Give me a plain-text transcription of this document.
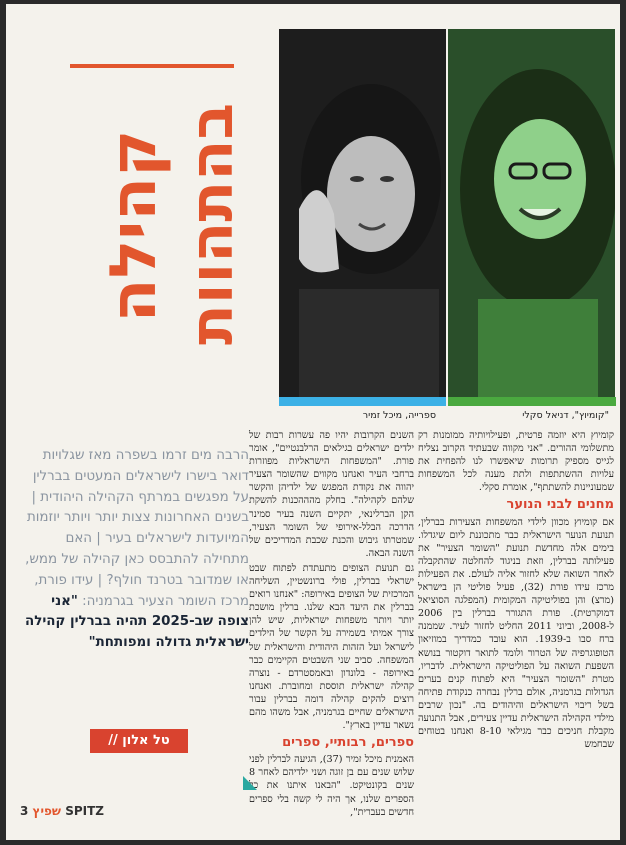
קהילה בהתהוות
ספרייה, מיכל זמיר	"קומיוץ", דניאל סקלי
הרבה מים זרמו בשפרה מאז שגלויות דואר בישרו לישראלים המעטים בברלין על מפגשים במרתף הקהילה היהודית | בשנים האחרונות צצות יותר ויותר יוזמות המיועדות לישראלים בעיר | האם מתחילה להתבסס כאן קהילה של ממש, או שמדובר בטרנד חולף? | עידו פורת, מרכז השומר הצעיר בגרמניה: "אני צופה שב-2025 תהיה בברלין קהילה ישראלית גדולה ומפותחת"
טל אלון //

קומיוץ היא יוזמה פרטית, ופעילויותיה ממומנות רק מתשלומי ההורים. "אני מקווה שבעתיד הקרוב נצליח לגייס מספיק תרומות שיאפשרו לנו להפחית את עלויות ההשתתפות ולתת מענה לכל המשפחות שמעוניינות להשתתף", אומרת סקלי.

מחנים לבני הנוער

אם קומיוץ מכוון לילדי המשפחות הצעירות בברלין, תנועת הנוער הישראלית כבר מתכוננת ליום שיגדלו. בימים אלה מחדשת תנועת "השומר הצעיר" את פעילותה בברלין, וזאת בניגוד להחלטה שהתקבלה לאחר השואה שלא לחזור אליה לעולם. את הפעילות מרכז עידו פורת (32), פעיל פוליטי הן בישראל (מרצ) והן בפוליטיקה המקומית (המפלגה הסוציאל דמוקרטית). פורת התגורר בברלין בין 2006 ל-2008, וביוני 2011 החליט לחזור לעיר. שממנה ברח סבו ב-1939. הוא עובד כמדריך במוזיאון הטופוגרפיה של הטרור ולומד לתואר דוקטור בנושא השפעת השואה על הפוליטיקה הישראלית. לדבריו, מטרת "השומר הצעיר" היא לפתוח קנים בערים הגדולות בגרמניה, אולם ברלין נבחרה כנקודת פתיחה בשל ריבוי הישראלים והיהודים בה. "נכון שרבים מילדי הקהילה הישראלית עדיין צעירים, אבל התנועה מקבלת חניכים כבר מגילאי 8-10 ואנחנו בטוחים שבחמש

השנים הקרובות יהיו פה עשרות רבות של ילדים ישראלים בגילאים הרלבנטיים", אומר פורת. "המשפחות הישראליות מפוזרות ברחבי העיר ואנחנו מקווים שהשומר הצעיר יהווה את נקודת המפגש של ילדיהן והקשר שלהם לקהילה". בחלק מהההכנות להשקת הקן הברלינאי, יתקיים השנה בעיר סמינר הדרכה הבלל-אירופי של השומר הצעיר, שמטרתו גיבוש והכנת שכבת המדריכים של השנה הבאה.

גם תנועת הצופים מתעתדת לפתוח שבט ישראלי בברלין, פולי ברונשטיין, השליחה המרכזית של הצופים באירופה: "אנחנו רואים בברלין את היעד הבא שלנו. ברלין מושכת יותר ויותר משפחות ישראליות, שיש להן צורך אמיתי בשמירה על הקשר של הילדים לישראל ועל הזהות היהודית והישראלית של המשפחה. סביב שני השבטים הקיימים כבר באירופה - בלונדון ובאמסטרדם - נוצרה קהילה ישראלית תוססת ומחוברת. ואנחנו רוצים להקים קהילה דומה בברלין עבור הישראלים שחיים בגרמניה, אבל משהו מהם נשאר עדיין בארץ".

ספרים, רבותיי, ספרים

האמנית מיכל זמיר (37), הגיעה לברלין לפני שלוש שנים עם בן זוגה ושני ילדיהם לאחר 8 שנים בקונטיקט. "הבאנו איתנו את כל הספרים שלנו, אך היה לי קשה בלי ספרים חדשים בעברית",

3 שפיץ SPITZ
